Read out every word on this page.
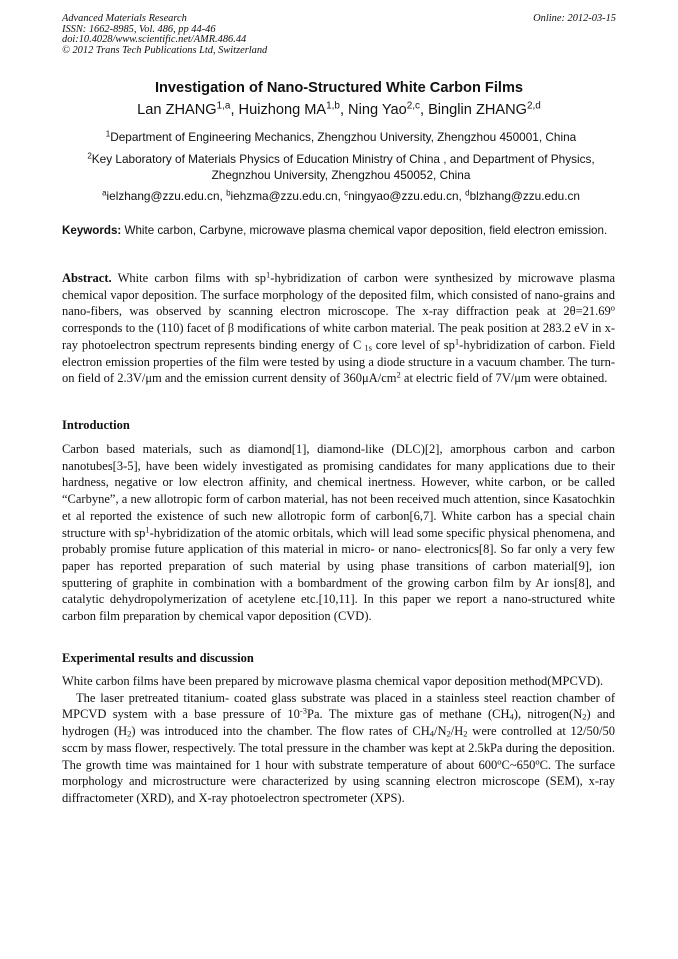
Advanced Materials Research
ISSN: 1662-8985, Vol. 486, pp 44-46
doi:10.4028/www.scientific.net/AMR.486.44
© 2012 Trans Tech Publications Ltd, Switzerland
Online: 2012-03-15
Investigation of Nano-Structured White Carbon Films
Lan ZHANG$^{1,a}$, Huizhong MA$^{1,b}$, Ning Yao$^{2,c}$, Binglin ZHANG$^{2,d}$
$^1$Department of Engineering Mechanics, Zhengzhou University, Zhengzhou 450001, China
$^2$Key Laboratory of Materials Physics of Education Ministry of China , and Department of Physics, Zhegnzhou University, Zhengzhou 450052, China
$^a$ielzhang@zzu.edu.cn, $^b$iehzma@zzu.edu.cn, $^c$ningyao@zzu.edu.cn, $^d$blzhang@zzu.edu.cn
Keywords: White carbon, Carbyne, microwave plasma chemical vapor deposition, field electron emission.
Abstract. White carbon films with $sp^1$-hybridization of carbon were synthesized by microwave plasma chemical vapor deposition. The surface morphology of the deposited film, which consisted of nano-grains and nano-fibers, was observed by scanning electron microscope. The x-ray diffraction peak at $2\theta=21.69^o$ corresponds to the (110) facet of β modifications of white carbon material. The peak position at 283.2 eV in x-ray photoelectron spectrum represents binding energy of C $_{1s}$ core level of $sp^1$-hybridization of carbon. Field electron emission properties of the film were tested by using a diode structure in a vacuum chamber. The turn-on field of 2.3V/μm and the emission current density of $360\mu A/cm^2$ at electric field of 7V/μm were obtained.
Introduction
Carbon based materials, such as diamond[1], diamond-like (DLC)[2], amorphous carbon and carbon nanotubes[3-5], have been widely investigated as promising candidates for many applications due to their hardness, negative or low electron affinity, and chemical inertness. However, white carbon, or be called “Carbyne”, a new allotropic form of carbon material, has not been received much attention, since Kasatochkin et al reported the existence of such new allotropic form of carbon[6,7]. White carbon has a special chain structure with $sp^1$-hybridization of the atomic orbitals, which will lead some specific physical phenomena, and probably promise future application of this material in micro- or nano- electronics[8]. So far only a very few paper has reported preparation of such material by using phase transitions of carbon material[9], ion sputtering of graphite in combination with a bombardment of the growing carbon film by Ar ions[8], and catalytic dehydropolymerization of acetylene etc.[10,11]. In this paper we report a nano-structured white carbon film preparation by chemical vapor deposition (CVD).
Experimental results and discussion

White carbon films have been prepared by microwave plasma chemical vapor deposition method(MPCVD).

The laser pretreated titanium- coated glass substrate was placed in a stainless steel reaction chamber of MPCVD system with a base pressure of $10^{-3}Pa$. The mixture gas of methane $(CH_4)$, $nitrogen(N_2)$ and hydrogen $(H_2)$ was introduced into the chamber. The flow rates of $CH_4/N_2/H_2$ were controlled at 12/50/50 sccm by mass flower, respectively. The total pressure in the chamber was kept at 2.5kPa during the deposition. The growth time was maintained for 1 hour with substrate temperature of about 600$^o$C~650$^o$C. The surface morphology and microstructure were characterized by using scanning electron microscope (SEM), x-ray diffractometer (XRD), and X-ray photoelectron spectrometer (XPS).
